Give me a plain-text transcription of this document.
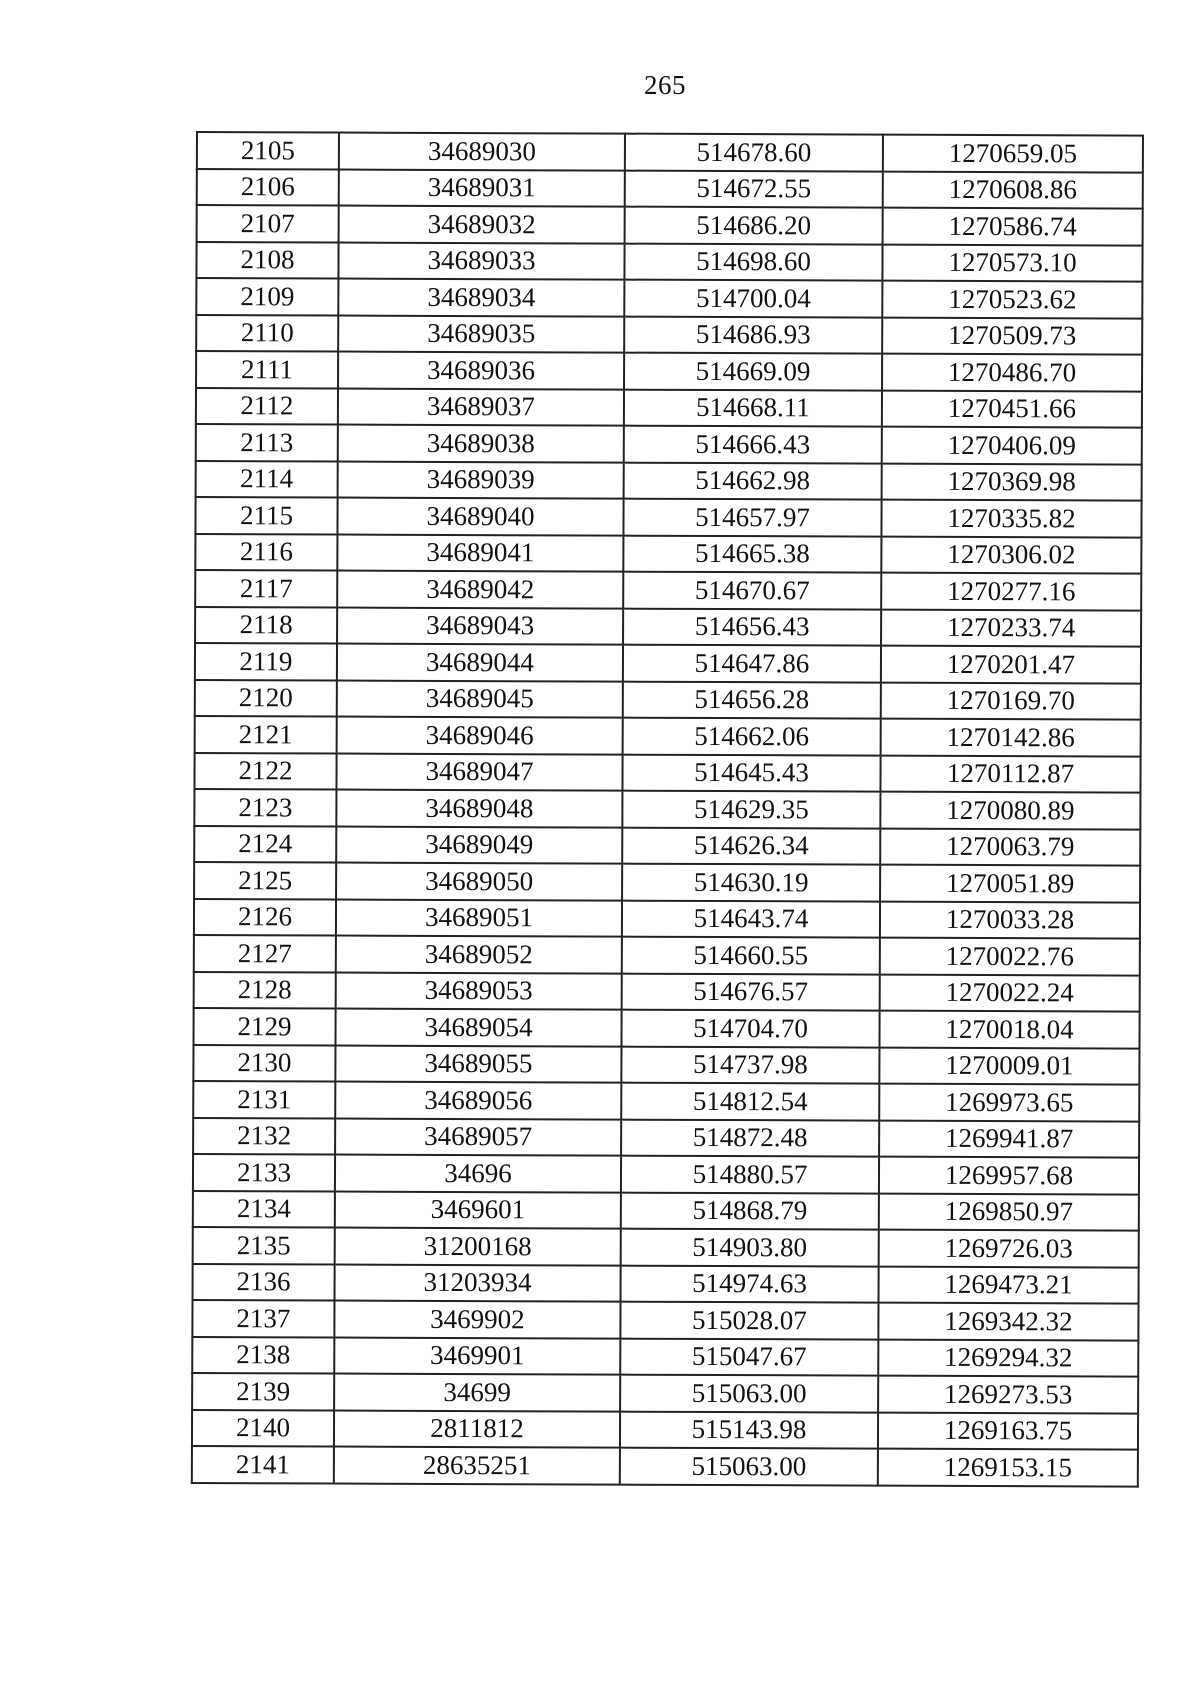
265
2105	34689030	514678.60	1270659.05
2106	34689031	514672.55	1270608.86
2107	34689032	514686.20	1270586.74
2108	34689033	514698.60	1270573.10
2109	34689034	514700.04	1270523.62
2110	34689035	514686.93	1270509.73
2111	34689036	514669.09	1270486.70
2112	34689037	514668.11	1270451.66
2113	34689038	514666.43	1270406.09
2114	34689039	514662.98	1270369.98
2115	34689040	514657.97	1270335.82
2116	34689041	514665.38	1270306.02
2117	34689042	514670.67	1270277.16
2118	34689043	514656.43	1270233.74
2119	34689044	514647.86	1270201.47
2120	34689045	514656.28	1270169.70
2121	34689046	514662.06	1270142.86
2122	34689047	514645.43	1270112.87
2123	34689048	514629.35	1270080.89
2124	34689049	514626.34	1270063.79
2125	34689050	514630.19	1270051.89
2126	34689051	514643.74	1270033.28
2127	34689052	514660.55	1270022.76
2128	34689053	514676.57	1270022.24
2129	34689054	514704.70	1270018.04
2130	34689055	514737.98	1270009.01
2131	34689056	514812.54	1269973.65
2132	34689057	514872.48	1269941.87
2133	34696	514880.57	1269957.68
2134	3469601	514868.79	1269850.97
2135	31200168	514903.80	1269726.03
2136	31203934	514974.63	1269473.21
2137	3469902	515028.07	1269342.32
2138	3469901	515047.67	1269294.32
2139	34699	515063.00	1269273.53
2140	2811812	515143.98	1269163.75
2141	28635251	515063.00	1269153.15
